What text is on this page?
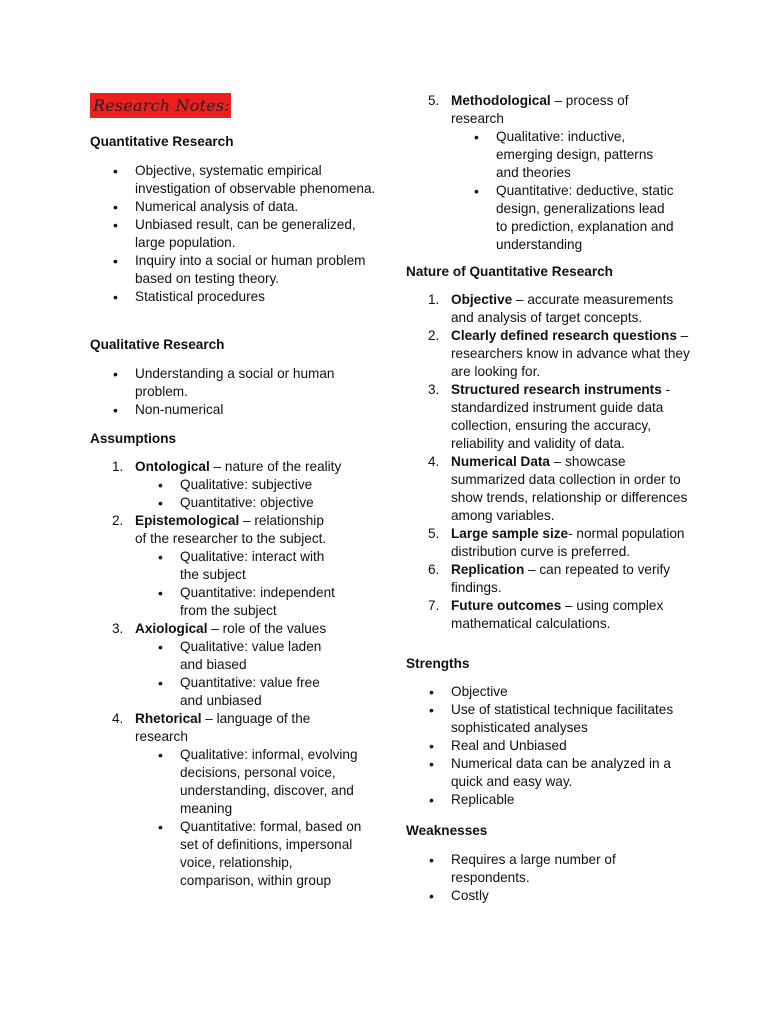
Research Notes:

Quantitative Research

• Objective, systematic empirical investigation of observable phenomena.
• Numerical analysis of data.
• Unbiased result, can be generalized, large population.
• Inquiry into a social or human problem based on testing theory.
• Statistical procedures

Qualitative Research

• Understanding a social or human problem.
• Non-numerical

Assumptions

1. Ontological – nature of the reality
• Qualitative: subjective
• Quantitative: objective
2. Epistemological – relationship of the researcher to the subject.
• Qualitative: interact with the subject
• Quantitative: independent from the subject
3. Axiological – role of the values
• Qualitative: value laden and biased
• Quantitative: value free and unbiased
4. Rhetorical – language of the research
• Qualitative: informal, evolving decisions, personal voice, understanding, discover, and meaning
• Quantitative: formal, based on set of definitions, impersonal voice, relationship, comparison, within group
5. Methodological – process of research
• Qualitative: inductive, emerging design, patterns and theories
• Quantitative: deductive, static design, generalizations lead to prediction, explanation and understanding

Nature of Quantitative Research

1. Objective – accurate measurements and analysis of target concepts.
2. Clearly defined research questions – researchers know in advance what they are looking for.
3. Structured research instruments - standardized instrument guide data collection, ensuring the accuracy, reliability and validity of data.
4. Numerical Data – showcase summarized data collection in order to show trends, relationship or differences among variables.
5. Large sample size- normal population distribution curve is preferred.
6. Replication – can repeated to verify findings.
7. Future outcomes – using complex mathematical calculations.

Strengths

• Objective
• Use of statistical technique facilitates sophisticated analyses
• Real and Unbiased
• Numerical data can be analyzed in a quick and easy way.
• Replicable

Weaknesses

• Requires a large number of respondents.
• Costly
